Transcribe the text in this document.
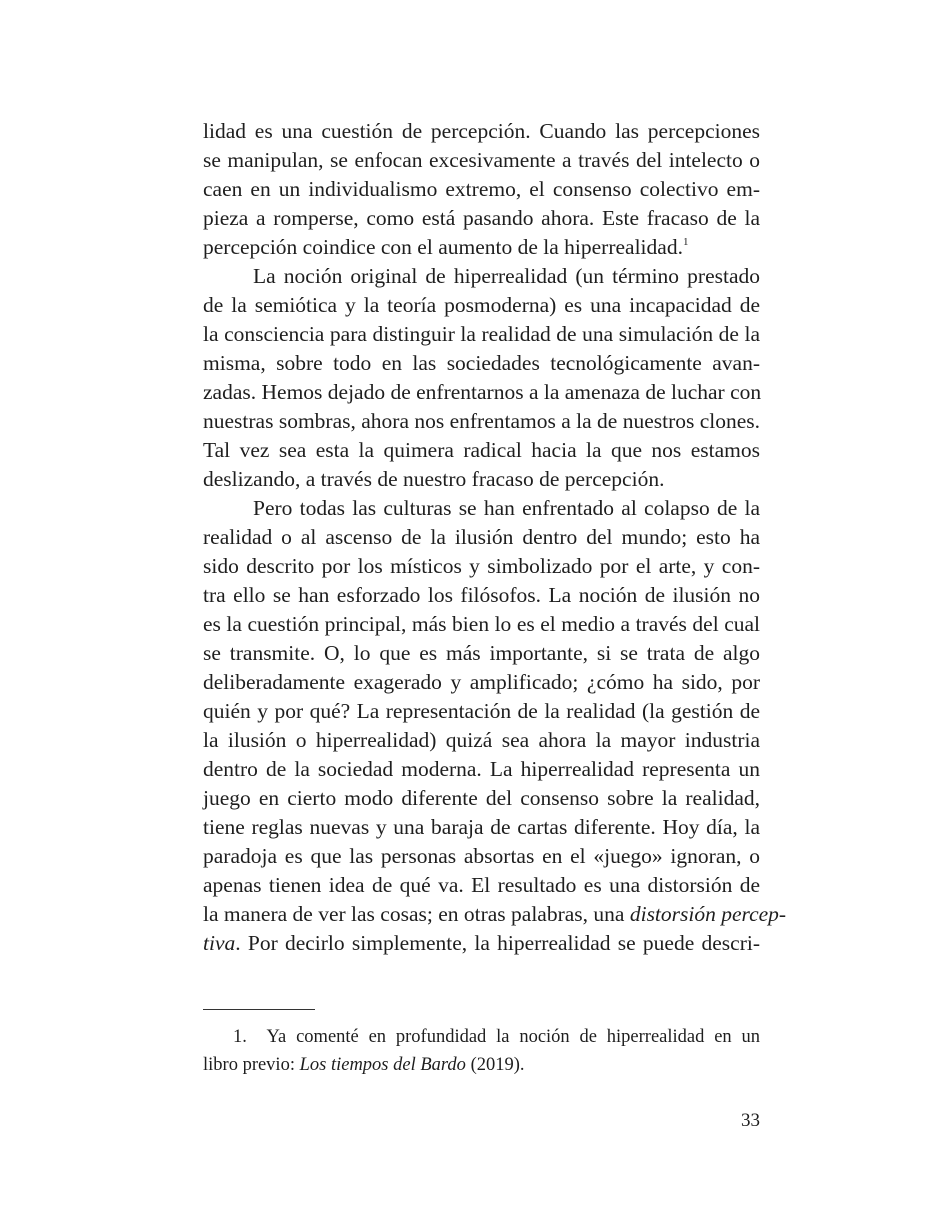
lidad es una cuestión de percepción. Cuando las percepciones
se manipulan, se enfocan excesivamente a través del intelecto o
caen en un individualismo extremo, el consenso colectivo em-
pieza a romperse, como está pasando ahora. Este fracaso de la
percepción coindice con el aumento de la hiperrealidad.$^1$
La noción original de hiperrealidad (un término prestado
de la semiótica y la teoría posmoderna) es una incapacidad de
la consciencia para distinguir la realidad de una simulación de la
misma, sobre todo en las sociedades tecnológicamente avan-
zadas. Hemos dejado de enfrentarnos a la amenaza de luchar con
nuestras sombras, ahora nos enfrentamos a la de nuestros clones.
Tal vez sea esta la quimera radical hacia la que nos estamos
deslizando, a través de nuestro fracaso de percepción.
Pero todas las culturas se han enfrentado al colapso de la
realidad o al ascenso de la ilusión dentro del mundo; esto ha
sido descrito por los místicos y simbolizado por el arte, y con-
tra ello se han esforzado los filósofos. La noción de ilusión no
es la cuestión principal, más bien lo es el medio a través del cual
se transmite. O, lo que es más importante, si se trata de algo
deliberadamente exagerado y amplificado; ¿cómo ha sido, por
quién y por qué? La representación de la realidad (la gestión de
la ilusión o hiperrealidad) quizá sea ahora la mayor industria
dentro de la sociedad moderna. La hiperrealidad representa un
juego en cierto modo diferente del consenso sobre la realidad,
tiene reglas nuevas y una baraja de cartas diferente. Hoy día, la
paradoja es que las personas absortas en el «juego» ignoran, o
apenas tienen idea de qué va. El resultado es una distorsión de
la manera de ver las cosas; en otras palabras, una distorsión percep-
tiva. Por decirlo simplemente, la hiperrealidad se puede descri-
1. Ya comenté en profundidad la noción de hiperrealidad en un
libro previo: Los tiempos del Bardo (2019).
33
